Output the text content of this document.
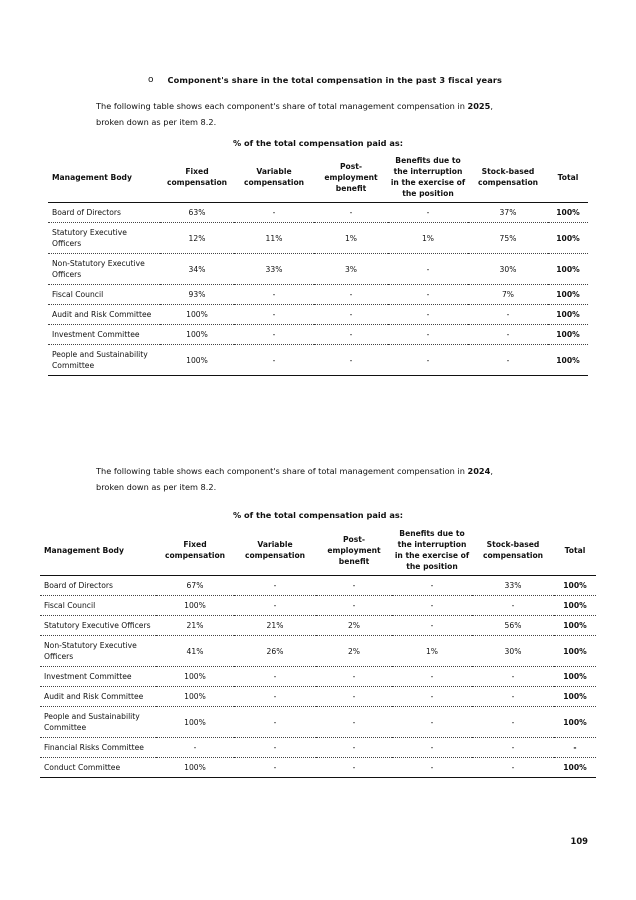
o Component's share in the total compensation in the past 3 fiscal years
The following table shows each component's share of total management compensation in 2025, broken down as per item 8.2.
% of the total compensation paid as:
Management Body	Fixed compensation	Variable compensation	Post-employment benefit	Benefits due to the interruption in the exercise of the position	Stock-based compensation	Total
Board of Directors	63%	-	-	-	37%	100%
Statutory Executive Officers	12%	11%	1%	1%	75%	100%
Non-Statutory Executive Officers	34%	33%	3%	-	30%	100%
Fiscal Council	93%	-	-	-	7%	100%
Audit and Risk Committee	100%	-	-	-	-	100%
Investment Committee	100%	-	-	-	-	100%
People and Sustainability Committee	100%	-	-	-	-	100%
The following table shows each component's share of total management compensation in 2024, broken down as per item 8.2.
% of the total compensation paid as:
Management Body	Fixed compensation	Variable compensation	Post-employment benefit	Benefits due to the interruption in the exercise of the position	Stock-based compensation	Total
Board of Directors	67%	-	-	-	33%	100%
Fiscal Council	100%	-	-	-	-	100%
Statutory Executive Officers	21%	21%	2%	-	56%	100%
Non-Statutory Executive Officers	41%	26%	2%	1%	30%	100%
Investment Committee	100%	-	-	-	-	100%
Audit and Risk Committee	100%	-	-	-	-	100%
People and Sustainability Committee	100%	-	-	-	-	100%
Financial Risks Committee	-	-	-	-	-	-
Conduct Committee	100%	-	-	-	-	100%
109
